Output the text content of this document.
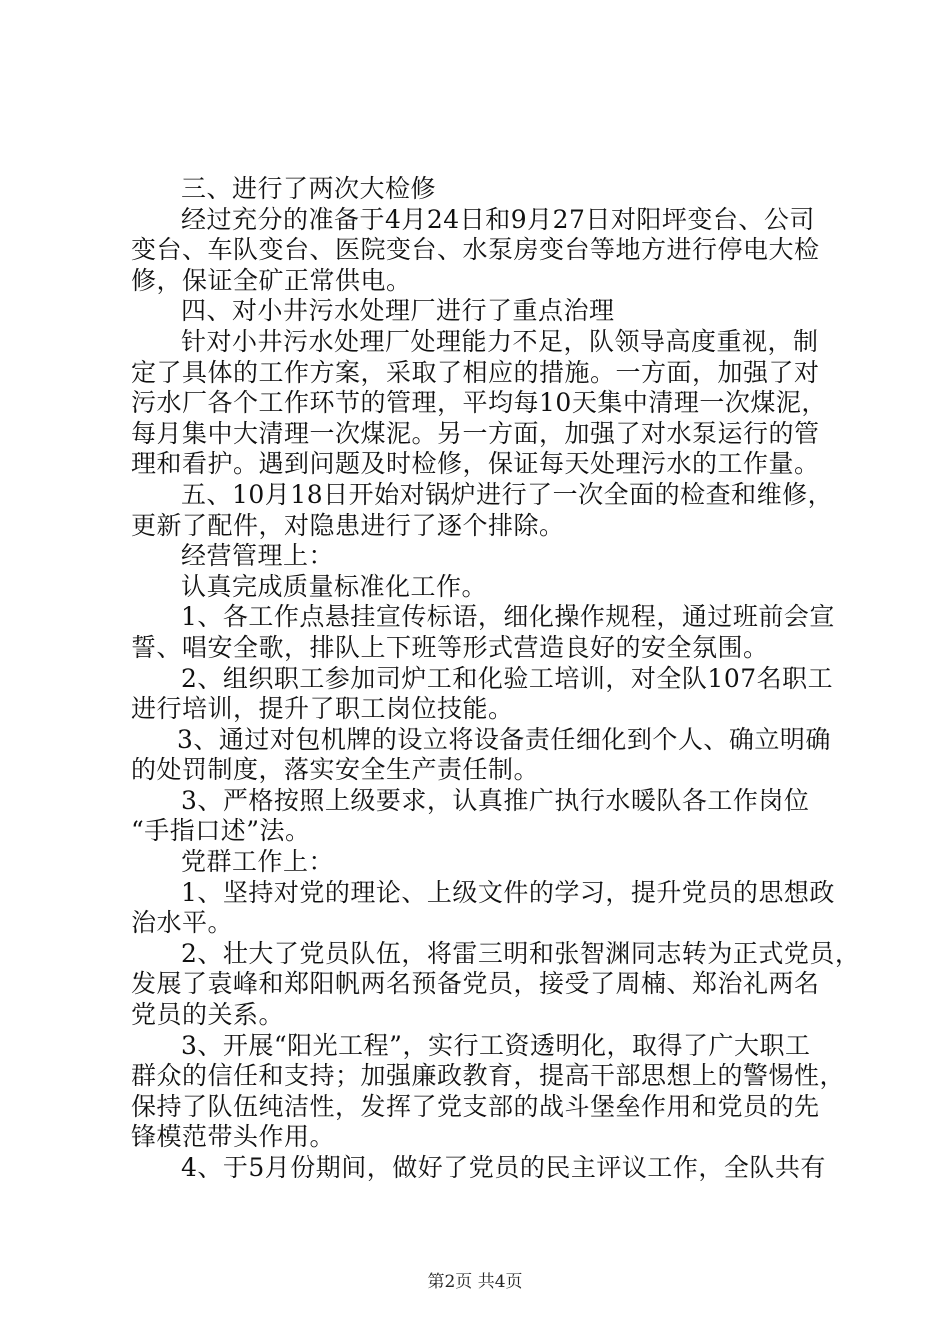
三、进行了两次大检修
经过充分的准备于4月24日和9月27日对阳坪变台、公司
变台、车队变台、医院变台、水泵房变台等地方进行停电大检
修，保证全矿正常供电。
四、对小井污水处理厂进行了重点治理
针对小井污水处理厂处理能力不足，队领导高度重视，制
定了具体的工作方案，采取了相应的措施。一方面，加强了对
污水厂各个工作环节的管理，平均每10天集中清理一次煤泥，
每月集中大清理一次煤泥。另一方面，加强了对水泵运行的管
理和看护。遇到问题及时检修，保证每天处理污水的工作量。
五、10月18日开始对锅炉进行了一次全面的检查和维修，
更新了配件，对隐患进行了逐个排除。
经营管理上：
认真完成质量标准化工作。
1、各工作点悬挂宣传标语，细化操作规程，通过班前会宣
誓、唱安全歌，排队上下班等形式营造良好的安全氛围。
2、组织职工参加司炉工和化验工培训，对全队107名职工
进行培训，提升了职工岗位技能。
3、通过对包机牌的设立将设备责任细化到个人、确立明确
的处罚制度，落实安全生产责任制。
3、严格按照上级要求，认真推广执行水暖队各工作岗位
“手指口述”法。
党群工作上：
1、坚持对党的理论、上级文件的学习，提升党员的思想政
治水平。
2、壮大了党员队伍，将雷三明和张智渊同志转为正式党员，
发展了袁峰和郑阳帆两名预备党员，接受了周楠、郑治礼两名
党员的关系。
3、开展“阳光工程”，实行工资透明化，取得了广大职工
群众的信任和支持；加强廉政教育，提高干部思想上的警惕性，
保持了队伍纯洁性，发挥了党支部的战斗堡垒作用和党员的先
锋模范带头作用。
4、于5月份期间，做好了党员的民主评议工作，全队共有
第2页 共4页
